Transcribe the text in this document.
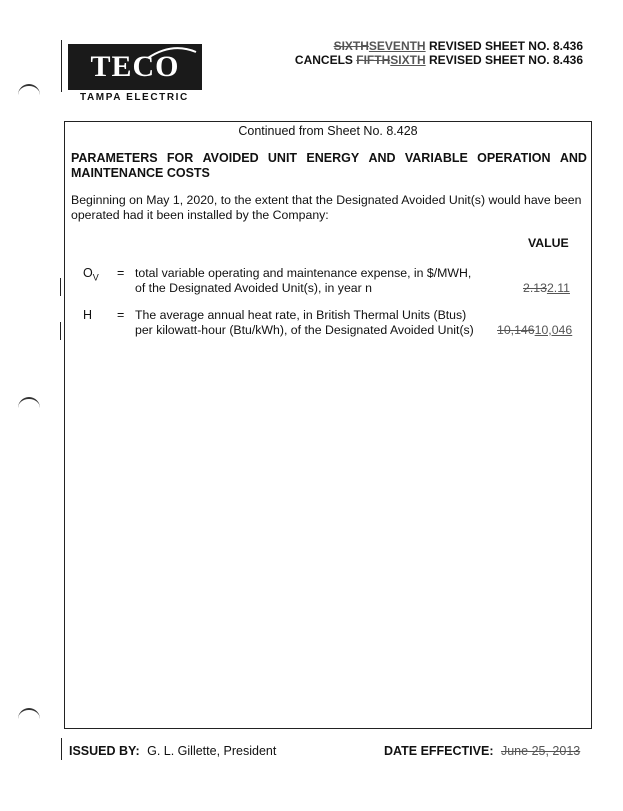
TECO
TAMPA ELECTRIC
SIXTHSEVENTH REVISED SHEET NO. 8.436
CANCELS FIFTHSIXTH REVISED SHEET NO. 8.436
Continued from Sheet No. 8.428
PARAMETERS FOR AVOIDED UNIT ENERGY AND VARIABLE OPERATION AND
MAINTENANCE COSTS
Beginning on May 1, 2020, to the extent that the Designated Avoided Unit(s) would have been
operated had it been installed by the Company:
VALUE
$O_V$ = total variable operating and maintenance expense, in $/MWH,
of the Designated Avoided Unit(s), in year n	2.132.11
H = The average annual heat rate, in British Thermal Units (Btus)
per kilowatt-hour (Btu/kWh), of the Designated Avoided Unit(s) 10,14610,046
ISSUED BY: G. L. Gillette, President	DATE EFFECTIVE: June 25, 2013
